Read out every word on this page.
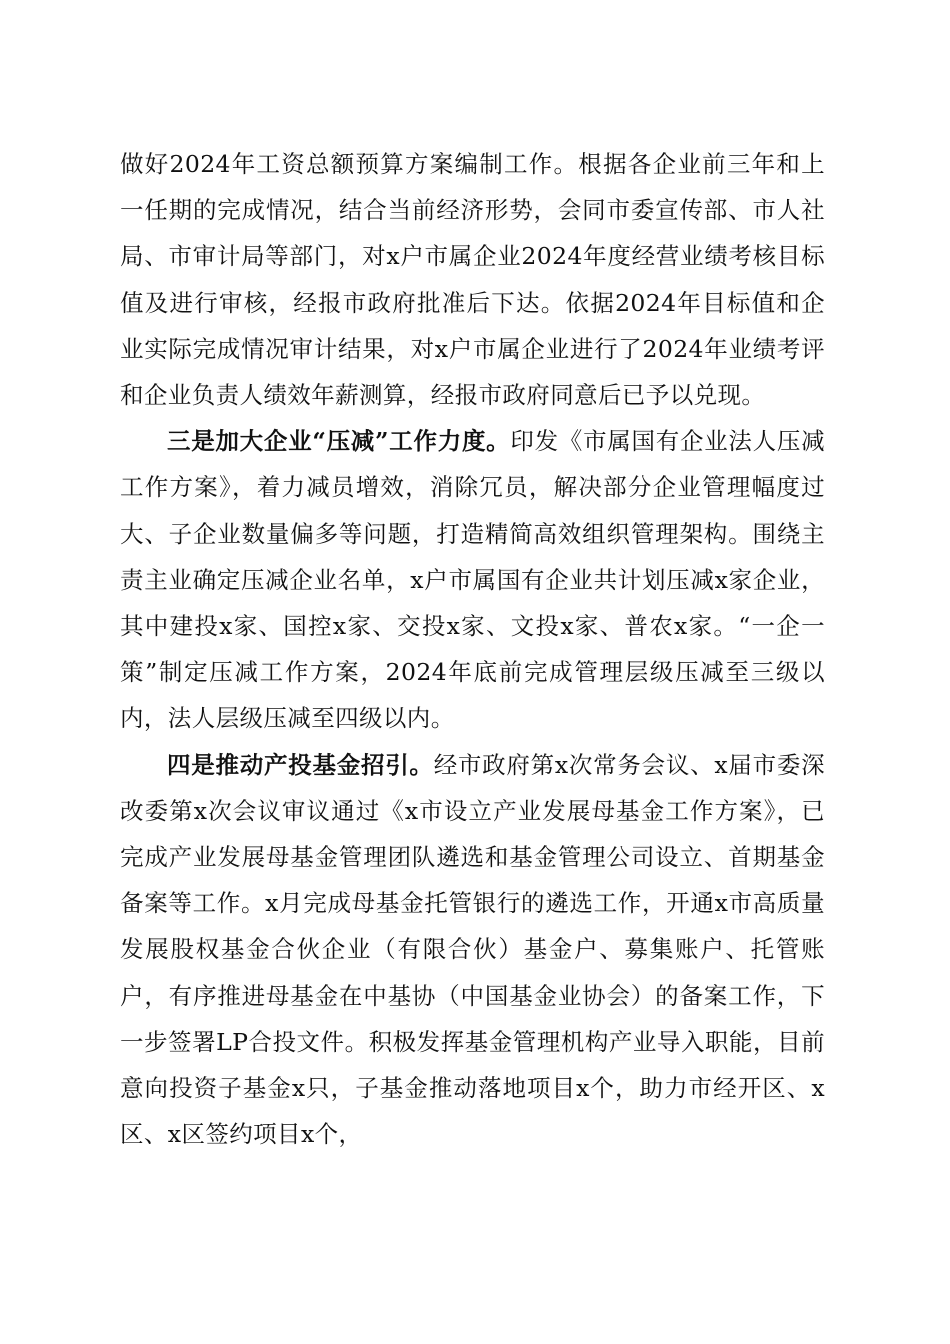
做好2024年工资总额预算方案编制工作。根据各企业前三年和上一任期的完成情况，结合当前经济形势，会同市委宣传部、市人社局、市审计局等部门，对x户市属企业2024年度经营业绩考核目标值及进行审核，经报市政府批准后下达。依据2024年目标值和企业实际完成情况审计结果，对x户市属企业进行了2024年业绩考评和企业负责人绩效年薪测算，经报市政府同意后已予以兑现。

三是加大企业“压减”工作力度。印发《市属国有企业法人压减工作方案》，着力减员增效，消除冗员，解决部分企业管理幅度过大、子企业数量偏多等问题，打造精简高效组织管理架构。围绕主责主业确定压减企业名单，x户市属国有企业共计划压减x家企业，其中建投x家、国控x家、交投x家、文投x家、普农x家。“一企一策”制定压减工作方案，2024年底前完成管理层级压减至三级以内，法人层级压减至四级以内。

四是推动产投基金招引。经市政府第x次常务会议、x届市委深改委第x次会议审议通过《x市设立产业发展母基金工作方案》，已完成产业发展母基金管理团队遴选和基金管理公司设立、首期基金备案等工作。x月完成母基金托管银行的遴选工作，开通x市高质量发展股权基金合伙企业（有限合伙）基金户、募集账户、托管账户，有序推进母基金在中基协（中国基金业协会）的备案工作，下一步签署LP合投文件。积极发挥基金管理机构产业导入职能，目前意向投资子基金x只，子基金推动落地项目x个，助力市经开区、x区、x区签约项目x个，
